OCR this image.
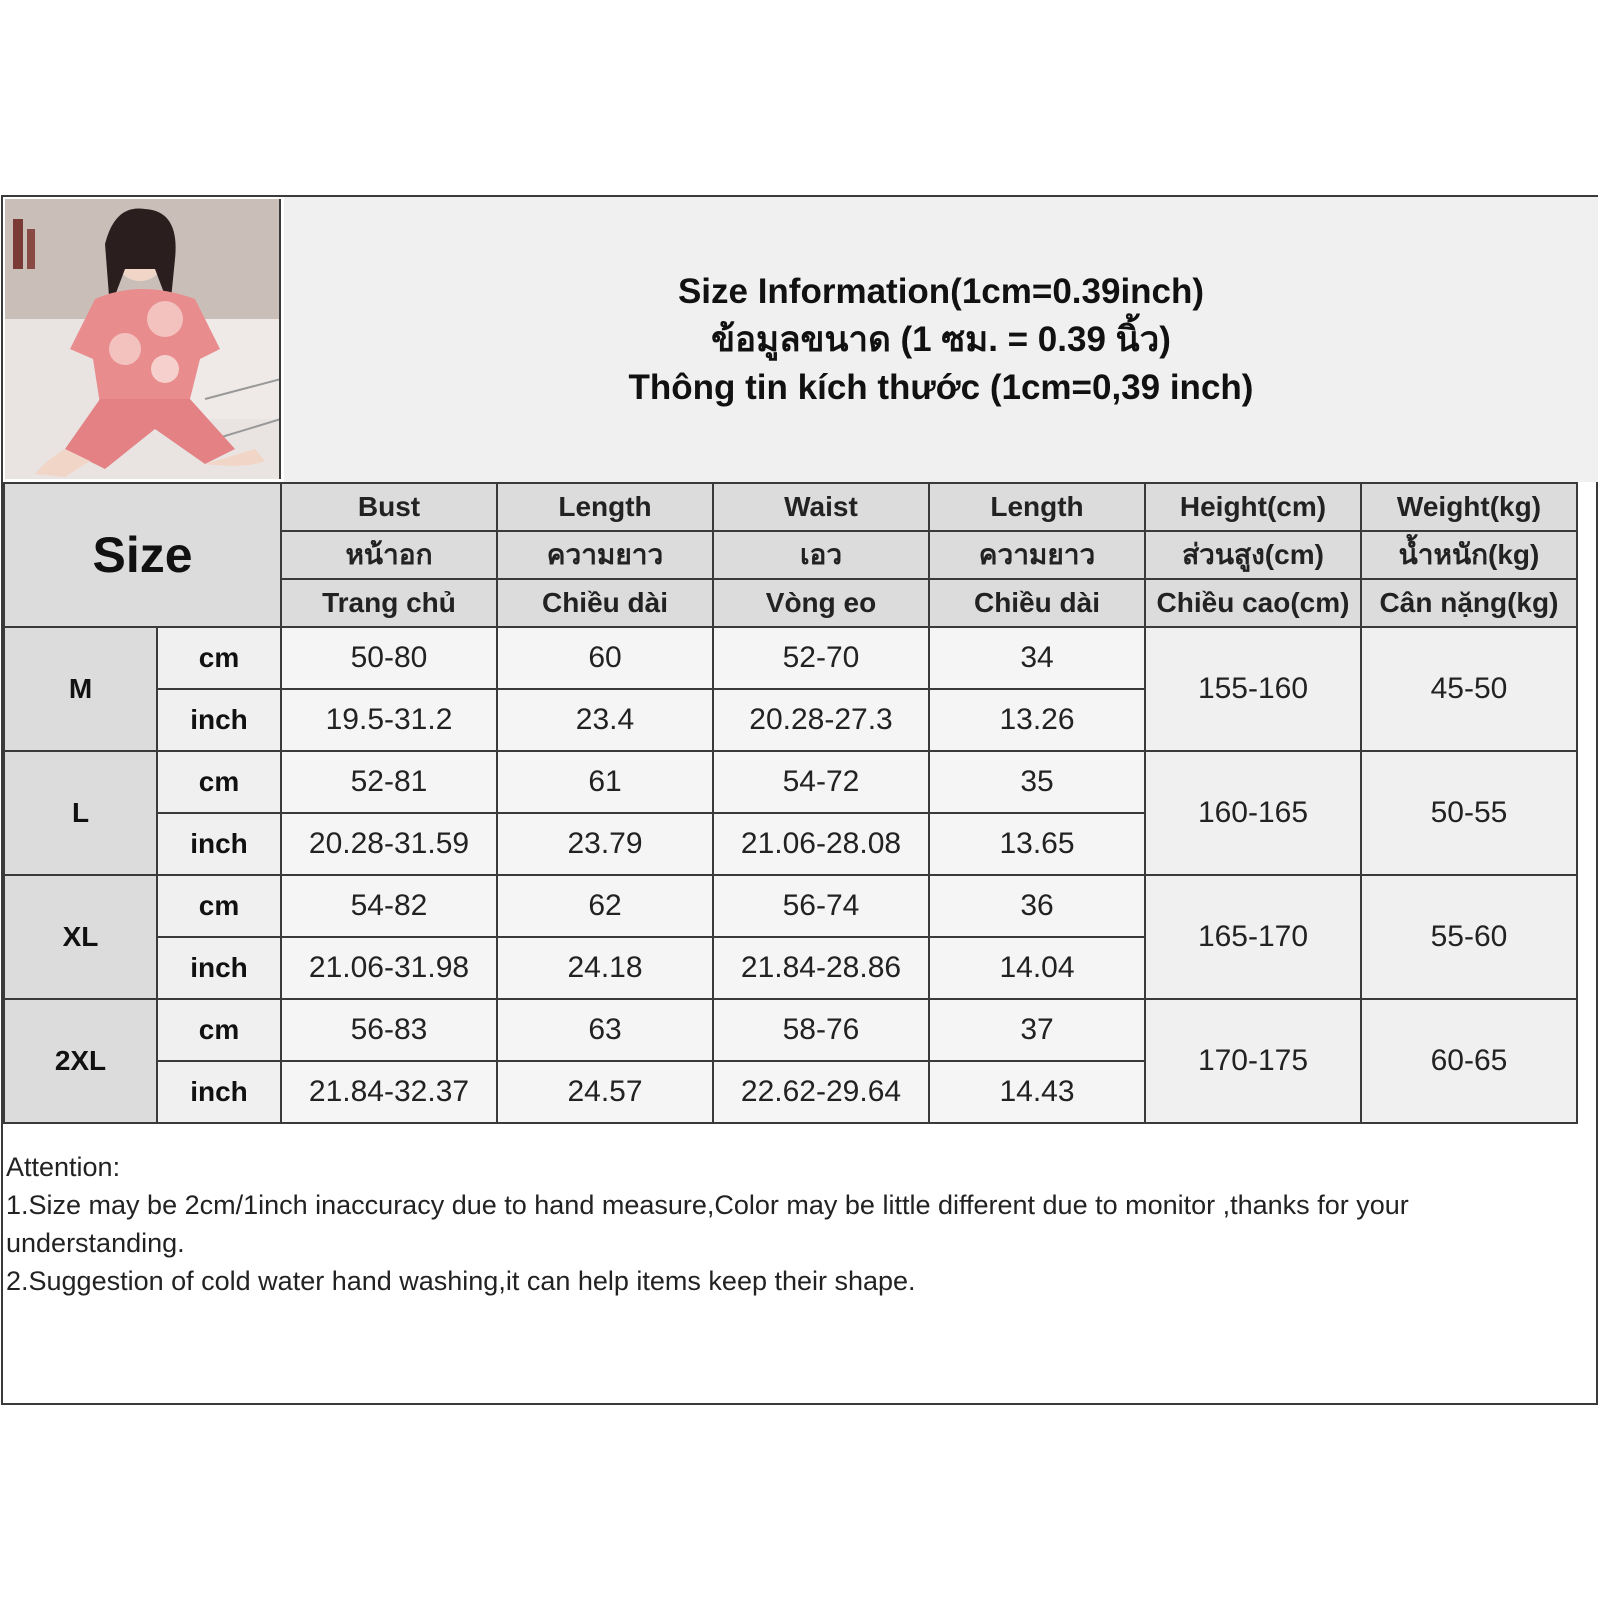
Size Information(1cm=0.39inch)
ข้อมูลขนาด (1 ซม. = 0.39 นิ้ว)
Thông tin kích thước (1cm=0,39 inch)
Size		Bust	Length	Waist	Length	Height(cm)	Weight(kg)
		หน้าอก	ความยาว	เอว	ความยาว	ส่วนสูง(cm)	น้ำหนัก(kg)
		Trang chủ	Chiều dài	Vòng eo	Chiều dài	Chiều cao(cm)	Cân nặng(kg)
M	cm	50-80	60	52-70	34	155-160	45-50
	inch	19.5-31.2	23.4	20.28-27.3	13.26		
L	cm	52-81	61	54-72	35	160-165	50-55
	inch	20.28-31.59	23.79	21.06-28.08	13.65		
XL	cm	54-82	62	56-74	36	165-170	55-60
	inch	21.06-31.98	24.18	21.84-28.86	14.04		
2XL	cm	56-83	63	58-76	37	170-175	60-65
	inch	21.84-32.37	24.57	22.62-29.64	14.43		
Attention:
1.Size may be 2cm/1inch inaccuracy due to hand measure,Color may be little different due to monitor ,thanks for your understanding.
2.Suggestion of cold water hand washing,it can help items keep their shape.
